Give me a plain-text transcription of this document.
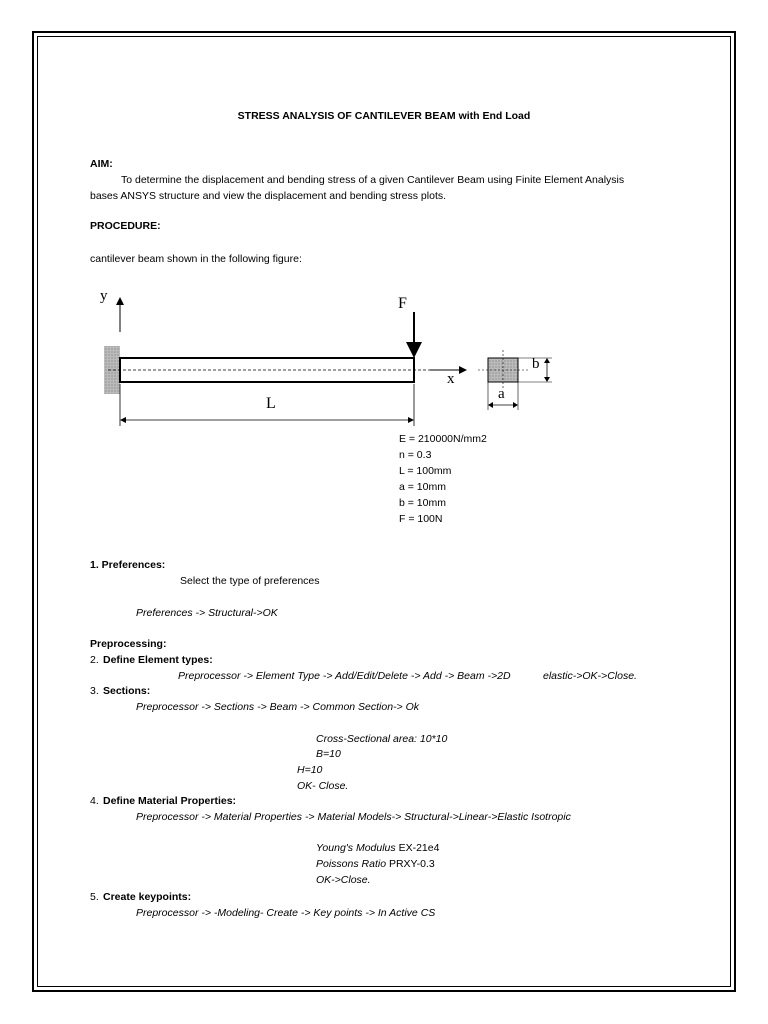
STRESS ANALYSIS OF CANTILEVER BEAM with End Load
AIM:
To determine the displacement and bending stress of a given Cantilever Beam using Finite Element Analysis
bases ANSYS structure and view the displacement and bending stress plots.
PROCEDURE:
cantilever beam shown in the following figure:
y
x
F
L
a
b
E = 210000N/mm2
n = 0.3
L = 100mm
a = 10mm
b = 10mm
F = 100N
1. Preferences:
Select the type of preferences
Preferences -> Structural->OK
Preprocessing:
2. Define Element types:
Preprocessor -> Element Type -> Add/Edit/Delete -> Add -> Beam ->2D	elastic->OK->Close.
3. Sections:
Preprocessor -> Sections -> Beam -> Common Section-> Ok
Cross-Sectional area: 10*10
B=10
H=10
OK- Close.
4. Define Material Properties:
Preprocessor -> Material Properties -> Material Models-> Structural->Linear->Elastic Isotropic
Young's Modulus EX-21e4
Poissons Ratio PRXY-0.3
OK->Close.
5. Create keypoints:
Preprocessor -> -Modeling- Create -> Key points -> In Active CS
